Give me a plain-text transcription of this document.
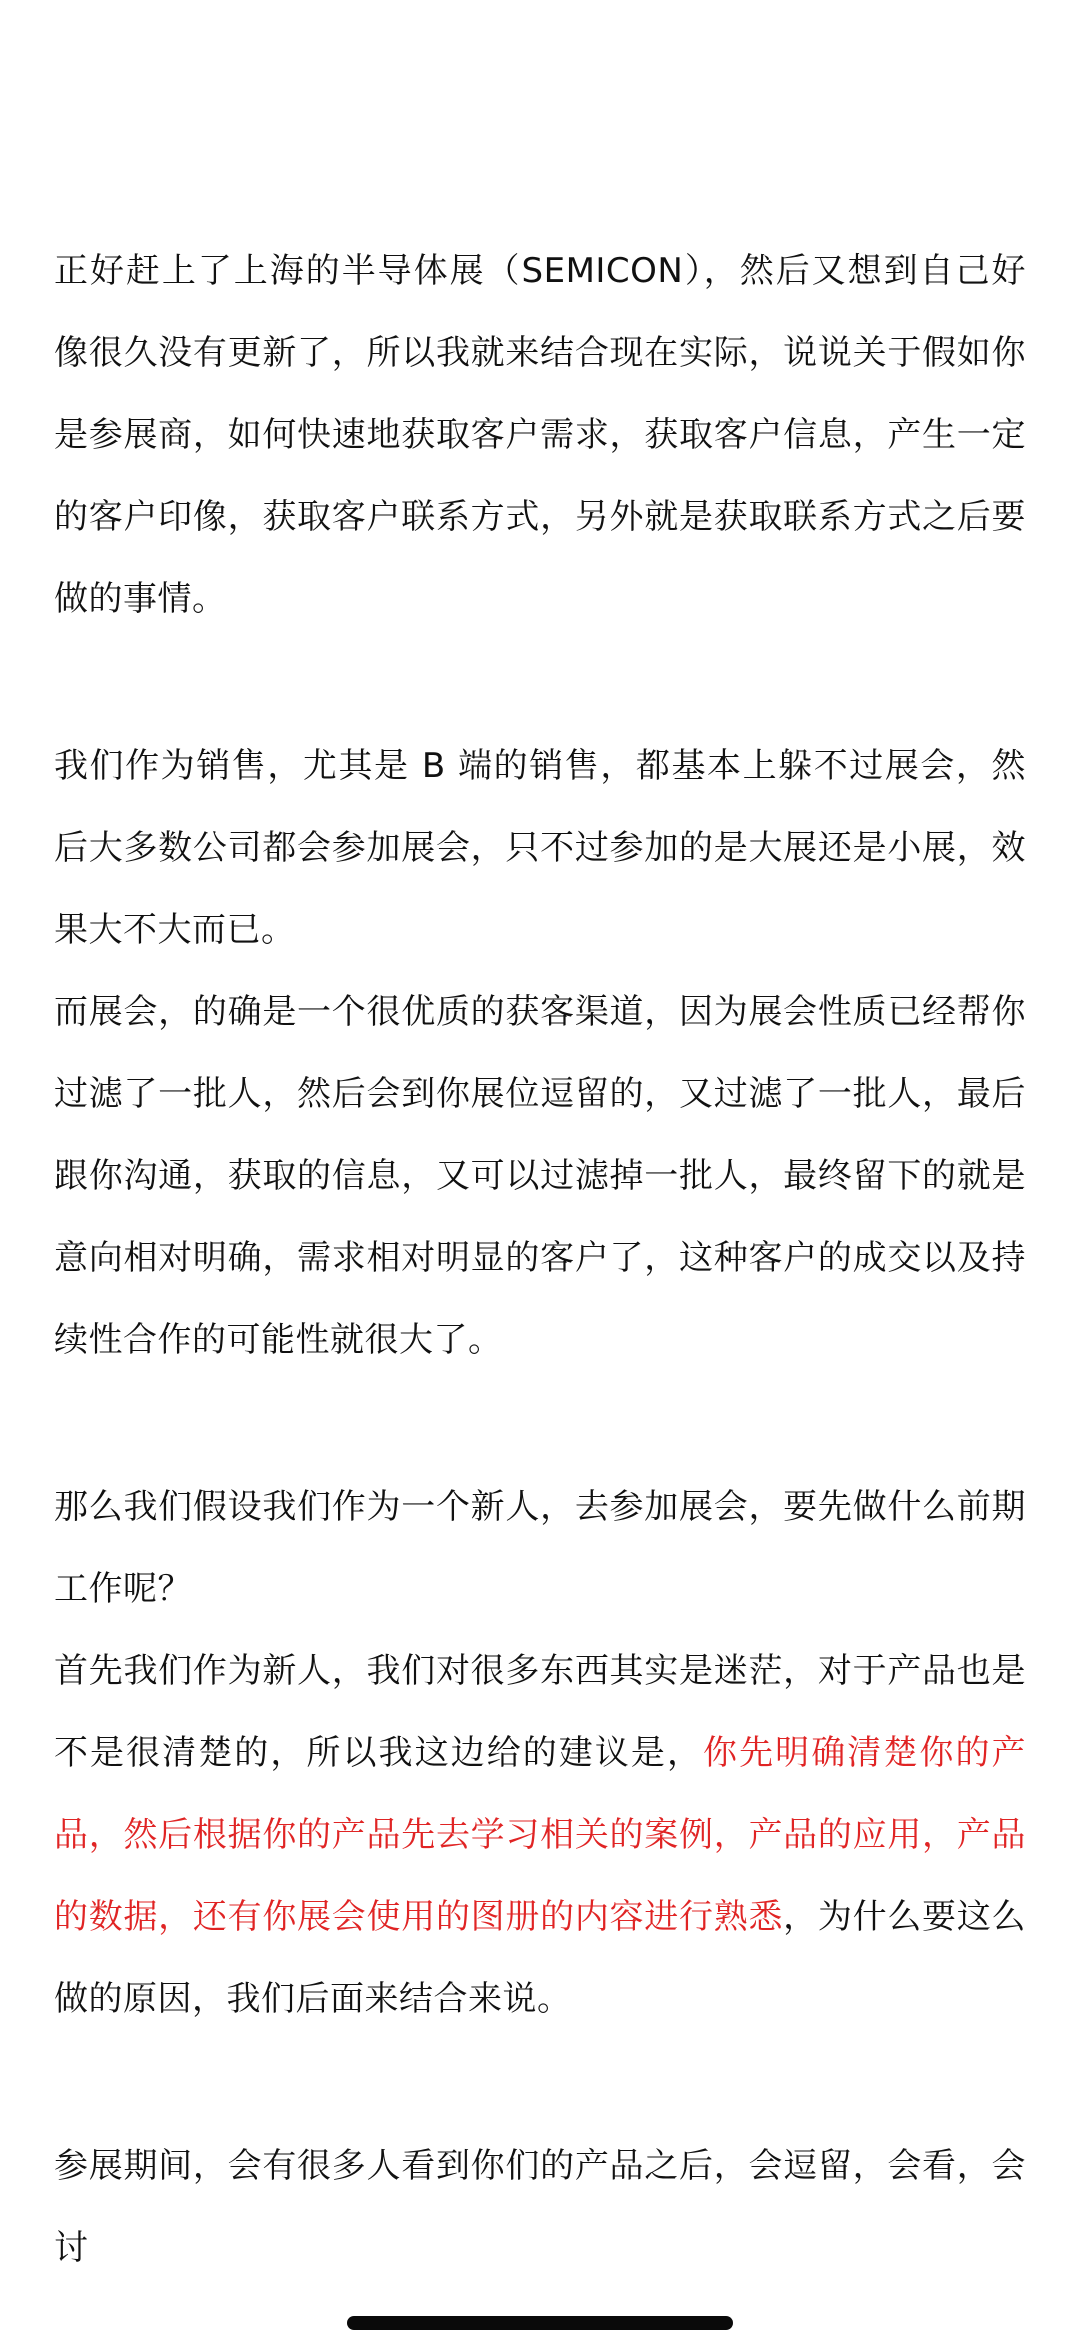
正好赶上了上海的半导体展（SEMICON），然后又想到自己好像很久没有更新了，所以我就来结合现在实际，说说关于假如你是参展商，如何快速地获取客户需求，获取客户信息，产生一定的客户印像，获取客户联系方式，另外就是获取联系方式之后要做的事情。

我们作为销售，尤其是 B 端的销售，都基本上躲不过展会，然后大多数公司都会参加展会，只不过参加的是大展还是小展，效果大不大而已。

而展会，的确是一个很优质的获客渠道，因为展会性质已经帮你过滤了一批人，然后会到你展位逗留的，又过滤了一批人，最后跟你沟通，获取的信息，又可以过滤掉一批人，最终留下的就是意向相对明确，需求相对明显的客户了，这种客户的成交以及持续性合作的可能性就很大了。

那么我们假设我们作为一个新人，去参加展会，要先做什么前期工作呢？

首先我们作为新人，我们对很多东西其实是迷茫，对于产品也是不是很清楚的，所以我这边给的建议是，你先明确清楚你的产品，然后根据你的产品先去学习相关的案例，产品的应用，产品的数据，还有你展会使用的图册的内容进行熟悉，为什么要这么做的原因，我们后面来结合来说。

参展期间，会有很多人看到你们的产品之后，会逗留，会看，会讨
